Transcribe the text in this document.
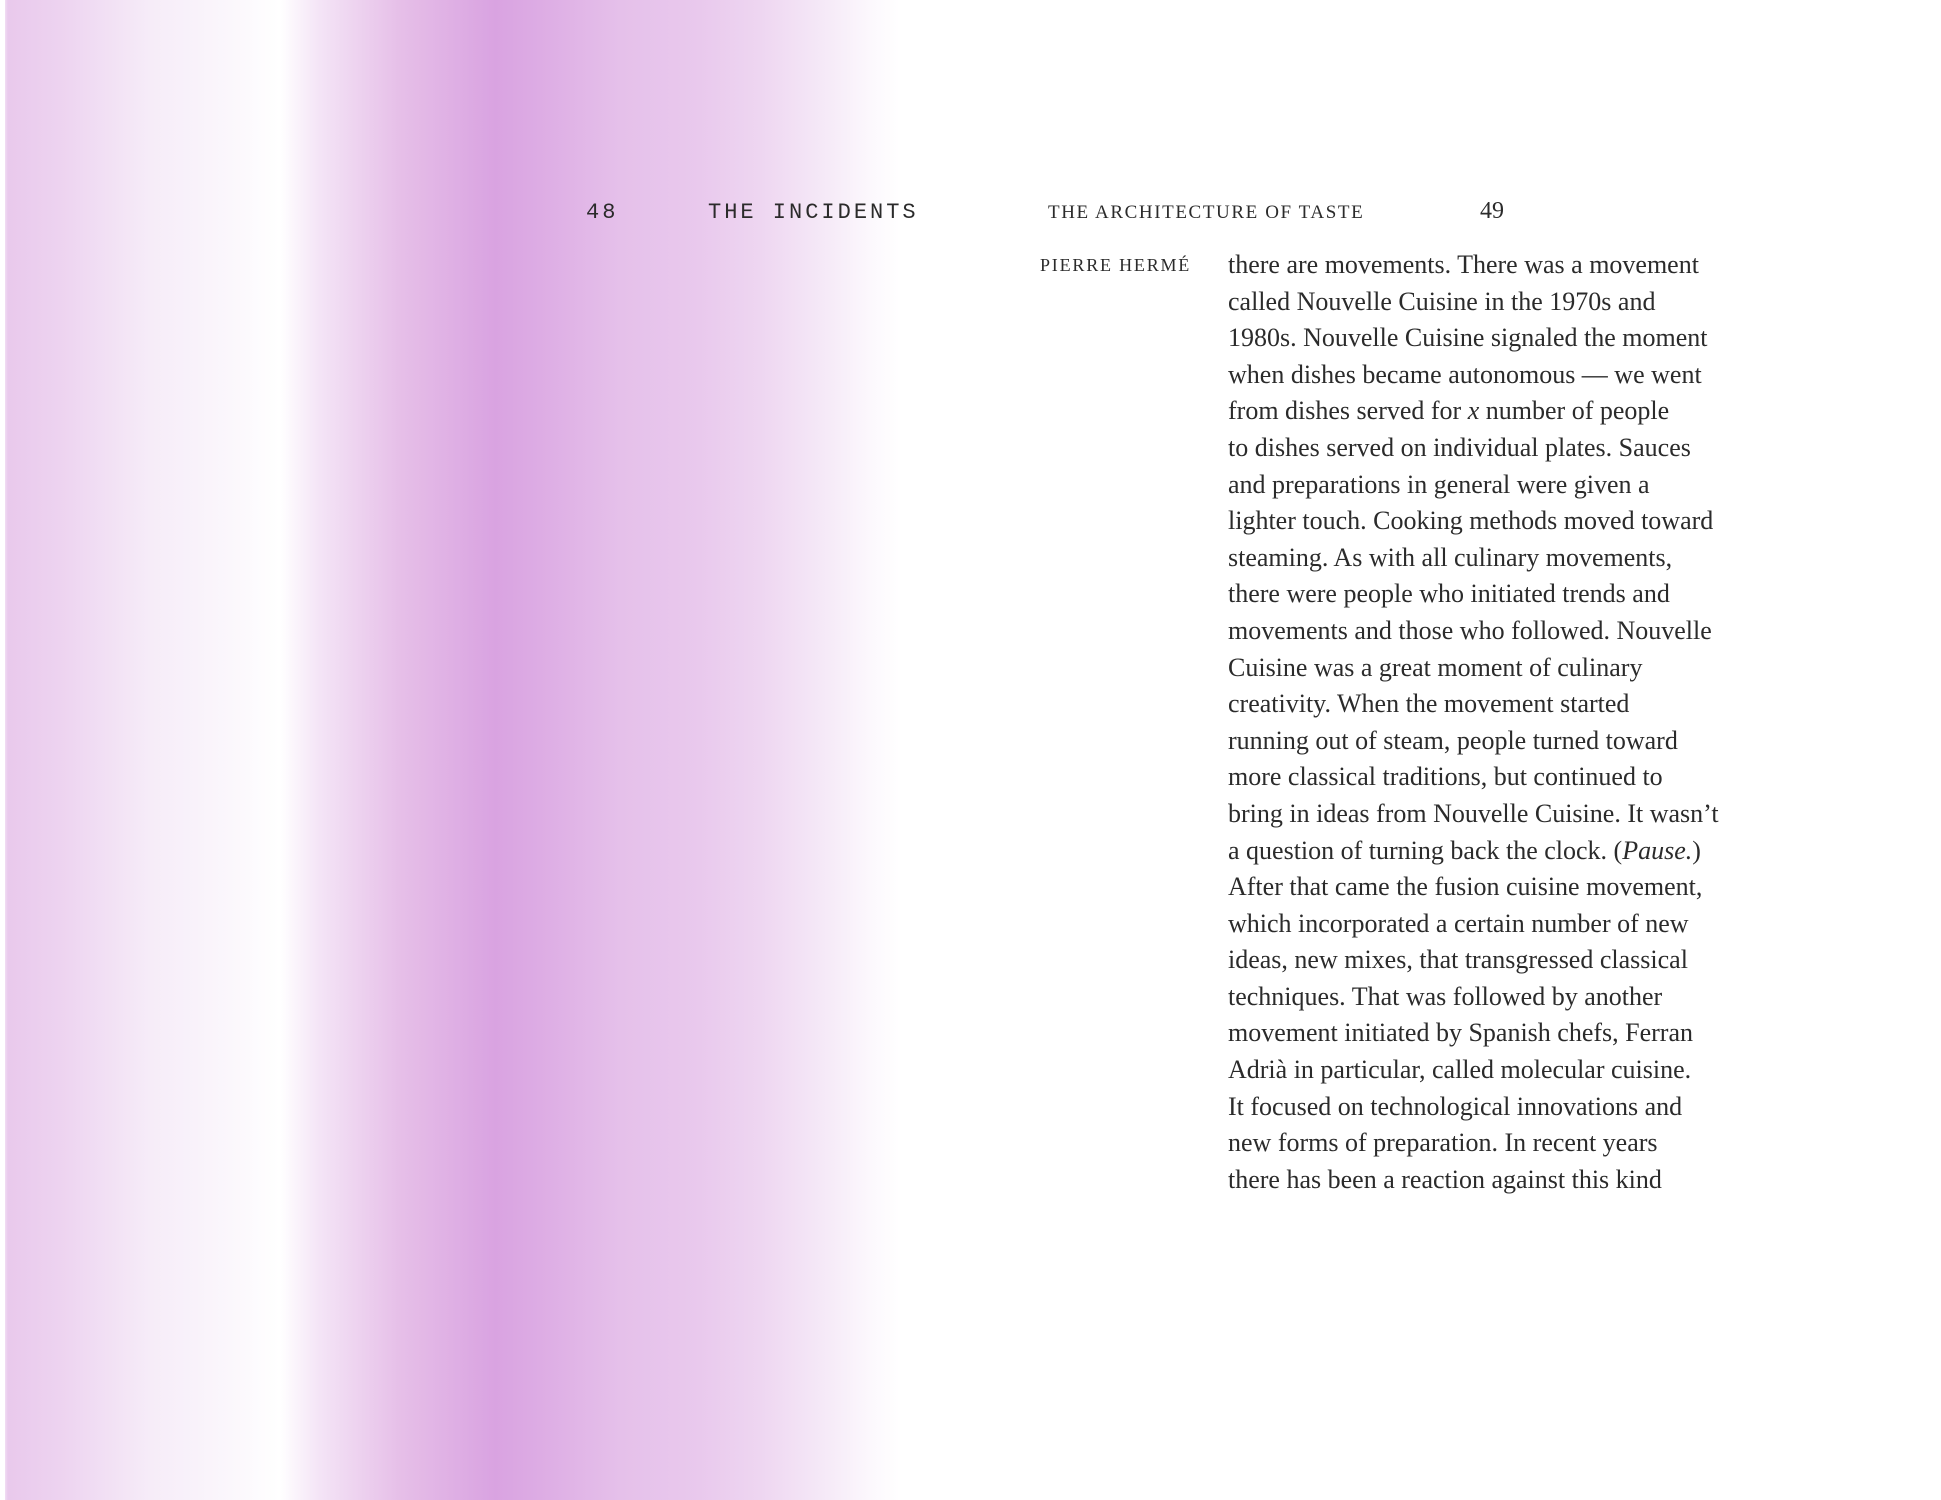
48	THE INCIDENTS	THE ARCHITECTURE OF TASTE	49
PIERRE HERMÉ there are movements. There was a movement
called Nouvelle Cuisine in the 1970s and
1980s. Nouvelle Cuisine signaled the moment
when dishes became autonomous — we went
from dishes served for x number of people
to dishes served on individual plates. Sauces
and preparations in general were given a
lighter touch. Cooking methods moved toward
steaming. As with all culinary movements,
there were people who initiated trends and
movements and those who followed. Nouvelle
Cuisine was a great moment of culinary
creativity. When the movement started
running out of steam, people turned toward
more classical traditions, but continued to
bring in ideas from Nouvelle Cuisine. It wasn’t
a question of turning back the clock. (Pause.)
After that came the fusion cuisine movement,
which incorporated a certain number of new
ideas, new mixes, that transgressed classical
techniques. That was followed by another
movement initiated by Spanish chefs, Ferran
Adrià in particular, called molecular cuisine.
It focused on technological innovations and
new forms of preparation. In recent years
there has been a reaction against this kind
